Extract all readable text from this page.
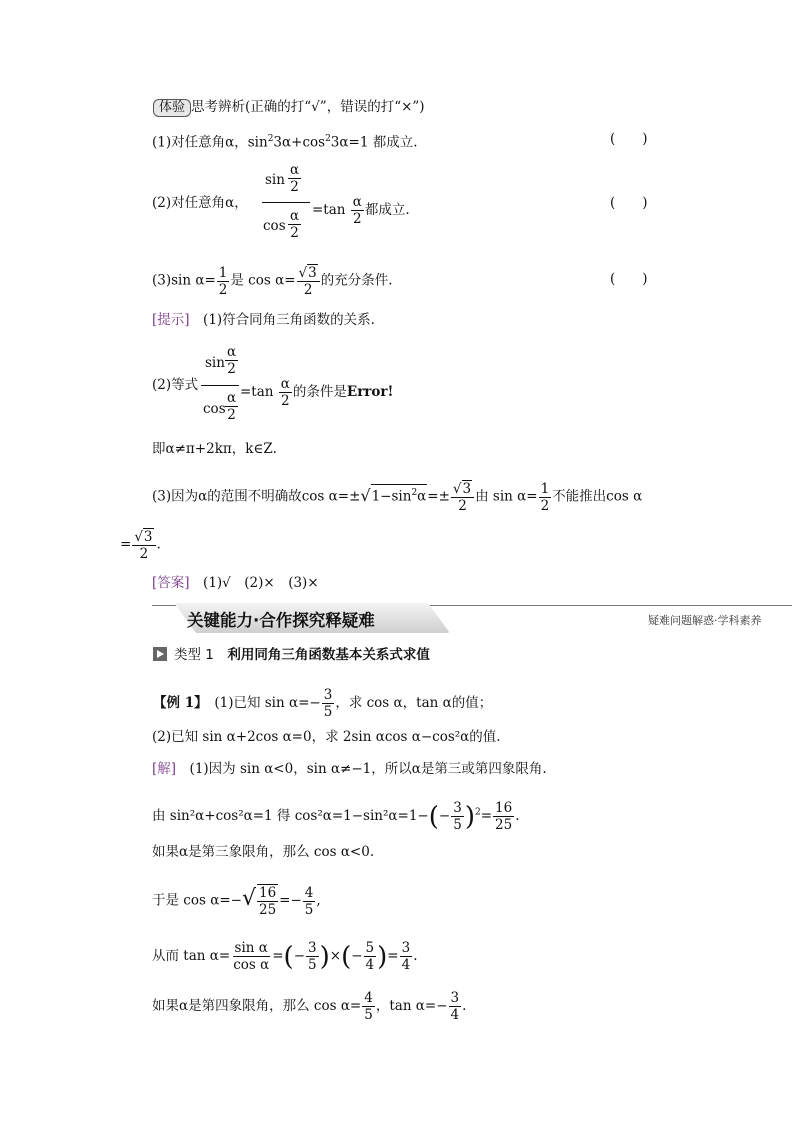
体验 思考辨析(正确的打“√”，错误的打“×”)
(1)对任意角α，$\sin^23\alpha+\cos^23\alpha=1$ 都成立.	(　　)
(2)对任意角α，
$\sin \frac{\alpha}{2}$
$\cos \frac{\alpha}{2} =\tan \frac{\alpha}{2}$ 都成立.	(　　)
(3)sin $\alpha= \frac{1}{2}$ 是 $\cos \alpha= \frac{√3}{2}$ 的充分条件.	(　　)
[提示]　 (1)符合同角三角函数的关系.
(2)等式
$\sin \frac{\alpha}{2}$
$\cos \frac{\alpha}{2} =\tan \frac{\alpha}{2}$ 的条件是Error!
即α≠π+2kπ，k∈Z.
(3)因为α的范围不明确故$\cos \alpha=\pm√1-\sin^2\alpha=\pm \frac{√3}{2}$ 由 $\sin \alpha= \frac{1}{2}$ 不能推出cos α
= $\frac{√3}{2}$ .
[答案]　 (1)√　(2)×　(3)×
关键能力·合作探究释疑难	疑难问题解惑·学科素养
类型 1　 利用同角三角函数基本关系式求值
【例 1】　 (1)已知 $\sin \alpha=- \frac{3}{5}$ ，求 cos α，tan α的值；
(2)已知 sin α+2cos α=0，求 2sin αcos α−cos²α的值.
[解]　 (1)因为 sin α<0，sin α≠−1，所以α是第三或第四象限角.
由 sin²α+cos²α=1 得 $\cos^2\alpha=1-\sin^2\alpha=1-(- \frac{3}{5} )^2= \frac{16}{25}$ .
如果α是第三象限角，那么 cos α<0.
于是 $\cos \alpha=-√ \frac{16}{25} =- \frac{4}{5}$ ,
从而 $\tan \alpha= \frac{\text{sin α}}{\text{cos α}}$ =(− $\frac{3}{5}$ )×(− $\frac{5}{4}$ )= $\frac{3}{4}$ .
如果α是第四象限角，那么 $\cos \alpha= \frac{4}{5}$ ，$\tan \alpha=- \frac{3}{4}$ .
